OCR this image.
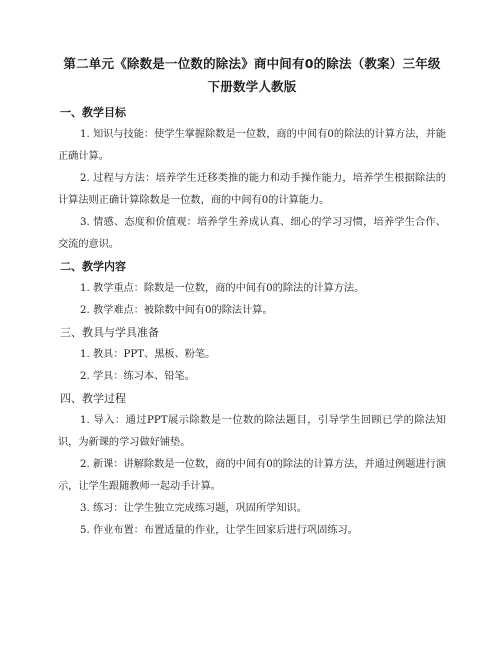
第二单元《除数是一位数的除法》商中间有0的除法（教案）三年级下册数学人教版
一、教学目标

1. 知识与技能：使学生掌握除数是一位数，商的中间有0的除法的计算方法，并能正确计算。

2. 过程与方法：培养学生迁移类推的能力和动手操作能力，培养学生根据除法的计算法则正确计算除数是一位数，商的中间有0的计算能力。

3. 情感、态度和价值观：培养学生养成认真、细心的学习习惯，培养学生合作、交流的意识。

二、教学内容

1. 教学重点：除数是一位数，商的中间有0的除法的计算方法。

2. 教学难点：被除数中间有0的除法计算。

三、教具与学具准备

1. 教具：PPT、黑板、粉笔。

2. 学具：练习本、铅笔。

四、教学过程

1. 导入：通过PPT展示除数是一位数的除法题目，引导学生回顾已学的除法知识，为新课的学习做好铺垫。

2. 新课：讲解除数是一位数，商的中间有0的除法的计算方法，并通过例题进行演示，让学生跟随教师一起动手计算。

3. 练习：让学生独立完成练习题，巩固所学知识。

5. 作业布置：布置适量的作业，让学生回家后进行巩固练习。
